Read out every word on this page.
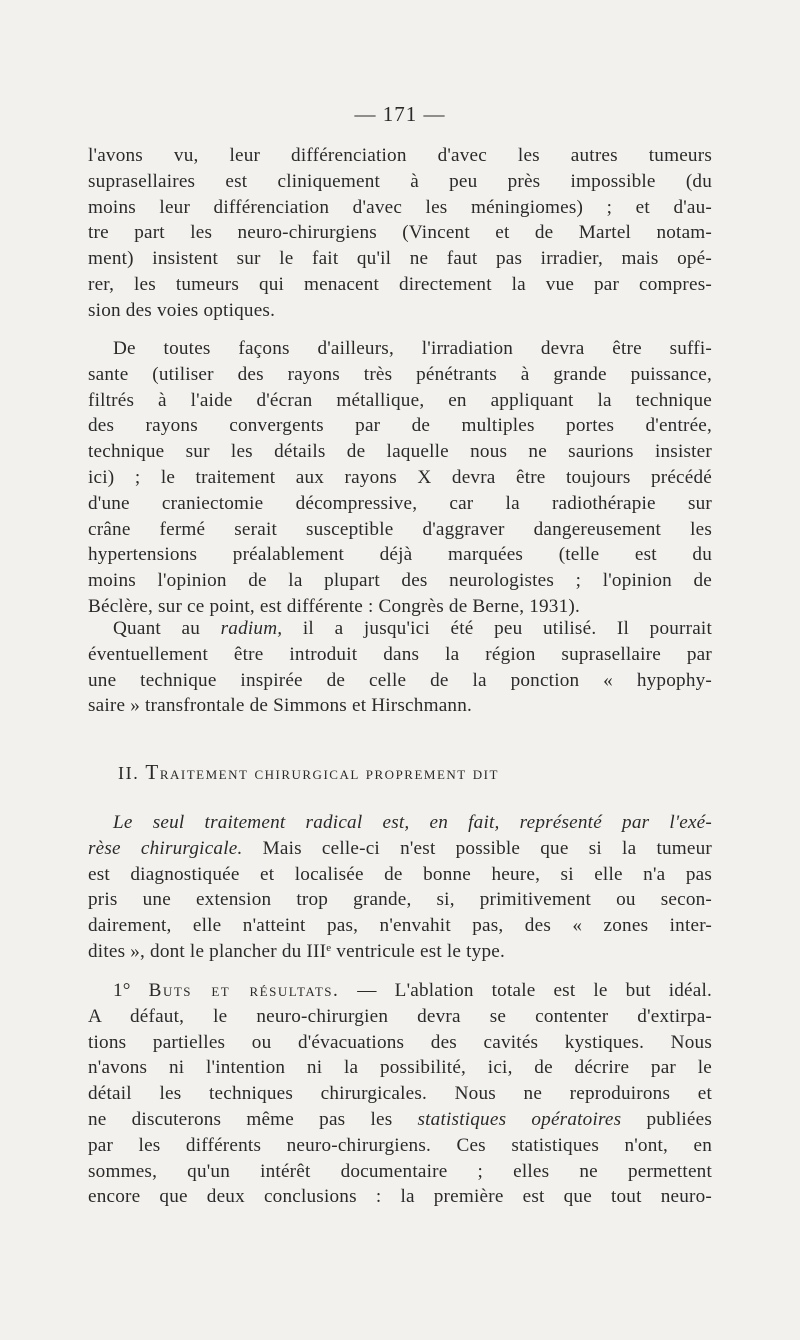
— 171 —
l'avons vu, leur différenciation d'avec les autres tumeurs
suprasellaires est cliniquement à peu près impossible (du
moins leur différenciation d'avec les méningiomes) ; et d'au-
tre part les neuro-chirurgiens (Vincent et de Martel notam-
ment) insistent sur le fait qu'il ne faut pas irradier, mais opé-
rer, les tumeurs qui menacent directement la vue par compres-
sion des voies optiques.
De toutes façons d'ailleurs, l'irradiation devra être suffi-
sante (utiliser des rayons très pénétrants à grande puissance,
filtrés à l'aide d'écran métallique, en appliquant la technique
des rayons convergents par de multiples portes d'entrée,
technique sur les détails de laquelle nous ne saurions insister
ici) ; le traitement aux rayons X devra être toujours précédé
d'une craniectomie décompressive, car la radiothérapie sur
crâne fermé serait susceptible d'aggraver dangereusement les
hypertensions préalablement déjà marquées (telle est du
moins l'opinion de la plupart des neurologistes ; l'opinion de
Béclère, sur ce point, est différente : Congrès de Berne, 1931).
Quant au radium, il a jusqu'ici été peu utilisé. Il pourrait
éventuellement être introduit dans la région suprasellaire par
une technique inspirée de celle de la ponction « hypophy-
saire » transfrontale de Simmons et Hirschmann.
II. Traitement chirurgical proprement dit
Le seul traitement radical est, en fait, représenté par l'exé-
rèse chirurgicale. Mais celle-ci n'est possible que si la tumeur
est diagnostiquée et localisée de bonne heure, si elle n'a pas
pris une extension trop grande, si, primitivement ou secon-
dairement, elle n'atteint pas, n'envahit pas, des « zones inter-
dites », dont le plancher du IIIe ventricule est le type.
1° Buts et résultats. — L'ablation totale est le but idéal.
A défaut, le neuro-chirurgien devra se contenter d'extirpa-
tions partielles ou d'évacuations des cavités kystiques. Nous
n'avons ni l'intention ni la possibilité, ici, de décrire par le
détail les techniques chirurgicales. Nous ne reproduirons et
ne discuterons même pas les statistiques opératoires publiées
par les différents neuro-chirurgiens. Ces statistiques n'ont, en
sommes, qu'un intérêt documentaire ; elles ne permettent
encore que deux conclusions : la première est que tout neuro-
